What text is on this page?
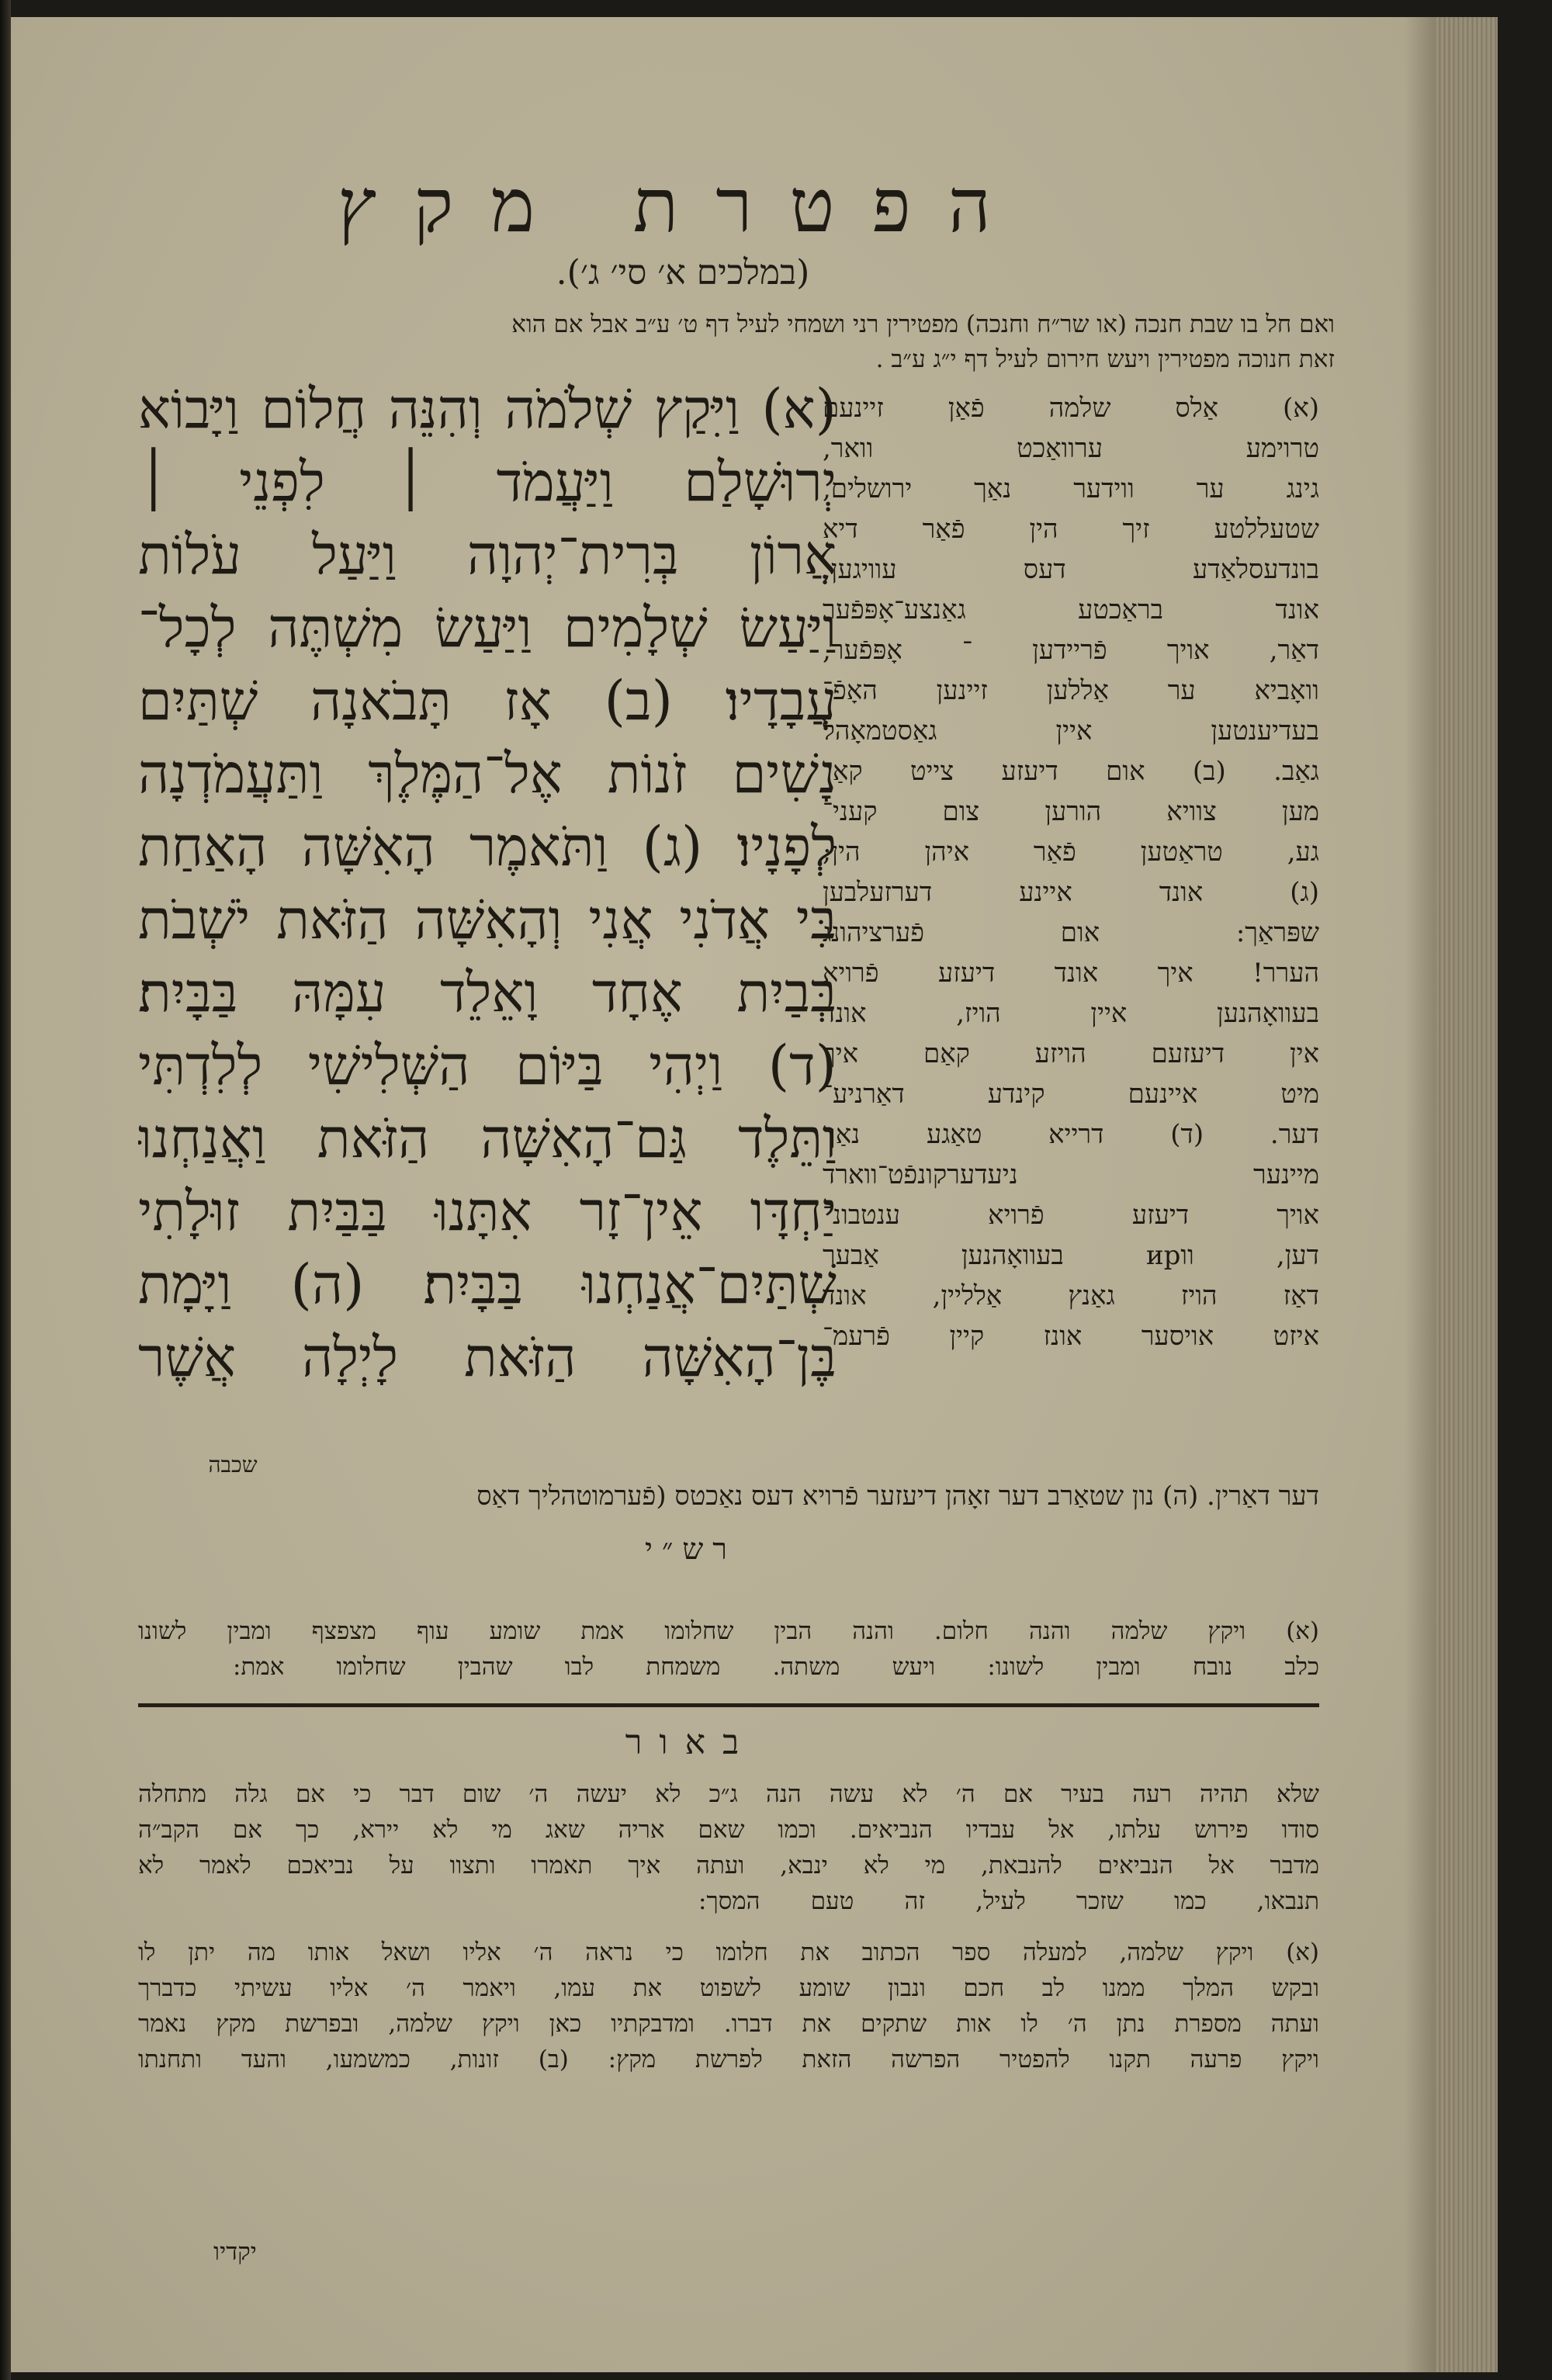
הפטרת מקץ
(במלכים א׳ סי׳ ג׳).
ואם חל בו שבת חנכה (או שר״ח וחנכה) מפטירין רני ושמחי לעיל דף ט׳ ע״ב אבל אם הוא
זאת חנוכה מפטירין ויעש חירום לעיל דף י״ג ע״ב .
(א) וַיִּקַץ שְׁלֹמֹה וְהִנֵּה חֲלוֹם וַיָּבוֹא
יְרוּשָׁלַם וַיַּעֲמֹד ׀ לִפְנֵי ׀
אֲרוֹן בְּרִית־יְהוָה וַיַּעַל עֹלוֹת
וַיַּעַשׂ שְׁלָמִים וַיַּעַשׂ מִשְׁתֶּה לְכָל־
עֲבָדָיו׃ (ב) אָז תָּבֹאנָה שְׁתַּיִם
נָשִׁים זֹנוֹת אֶל־הַמֶּלֶךְ וַתַּעֲמֹדְנָה
לְפָנָיו׃ (ג) וַתֹּאמֶר הָאִשָּׁה הָאַחַת
בִּי אֲדֹנִי אֲנִי וְהָאִשָּׁה הַזֹּאת יֹשְׁבֹת
בְּבַיִת אֶחָד וָאֵלֵד עִמָּהּ בַּבָּיִת׃
(ד) וַיְהִי בַּיּוֹם הַשְּׁלִישִׁי לְלִדְתִּי
וַתֵּלֶד גַּם־הָאִשָּׁה הַזֹּאת וַאֲנַחְנוּ
יַחְדָּו אֵין־זָר אִתָּנוּ בַּבַּיִת זוּלָתִי
שְׁתַּיִם־אֲנַחְנוּ בַּבָּיִת׃ (ה) וַיָּמָת
בֶּן־הָאִשָּׁה הַזֹּאת לָיְלָה אֲשֶׁר
שכבה
(א) אַלס שלמה פֿאַן זיינעם
טרוימע ערוואַכט וואר,
גינג ער ווידער נאַך ירושלים,
שטעללטע זיך הין פֿאַר דיא
בונדעסלאַדע דעס עוויגען,
אונד בראַכטע גאַנצע־אָפּפֿער
דאַר, אויך פֿריידען ־ אָפּפֿער,
וואָביא ער אַללען זיינען האָפֿ־
בעדיענטען איין גאַסטמאָהל
גאַב. (ב) אום דיעזע צייט קאַ־
מען צוויא הורען צום קעני־
גע, טראַטען פֿאַר איהן הין;
(ג) אונד איינע דערזעלבען
שפּראַך: אום פֿערציהונג
הערר! איך אונד דיעזע פֿרויא
בעוואָהנען איין הויז, אונד
אין דיעזעם הויזע קאַם איך
מיט איינעם קינדע דאַרניע־
דער. (ד) דרייא טאַגע נאַך
מיינער ניעדערקונפֿט־ווארד
אויך דיעזע פֿרויא ענטבונ־
דען, ווир בעוואָהנען אַבער
דאַז הויז גאַנץ אַלליין, אונד
איזט אויסער אונז קיין פֿרעמ־
דער דאַרין. (ה) נון שטאַרב דער זאָהן דיעזער פֿרויא דעס נאַכטס (פֿערמוטהליך דאַס
רש״י
(א) ויקץ שלמה והנה חלום. והנה הבין שחלומו אמת שומע עוף מצפצף ומבין לשונו
כלב נובח ומבין לשונו: ויעש משתה. משמחת לבו שהבין שחלומו אמת:
באור
שלא תהיה רעה בעיר אם ה׳ לא עשה הנה ג״כ לא יעשה ה׳ שום דבר כי אם גלה מתחלה
סודו פירוש עלתו, אל עבדיו הנביאים. וכמו שאם אריה שאג מי לא יירא, כך אם הקב״ה
מדבר אל הנביאים להנבאת, מי לא ינבא, ועתה איך תאמרו ותצוו על נביאכם לאמר לא
תנבאו, כמו שזכר לעיל, זה טעם המסך:
(א) ויקץ שלמה, למעלה ספר הכתוב את חלומו כי נראה ה׳ אליו ושאל אותו מה יתן לו
ובקש המלך ממנו לב חכם ונבון שומע לשפוט את עמו, ויאמר ה׳ אליו עשיתי כדברך
ועתה מספרת נתן ה׳ לו אות שתקים את דברו. ומדבקתיו כאן ויקץ שלמה, ובפרשת מקץ נאמר
ויקץ פרעה תקנו להפטיר הפרשה הזאת לפרשת מקץ: (ב) זונות, כמשמעו, והעד ותחנתו
יקדיו
